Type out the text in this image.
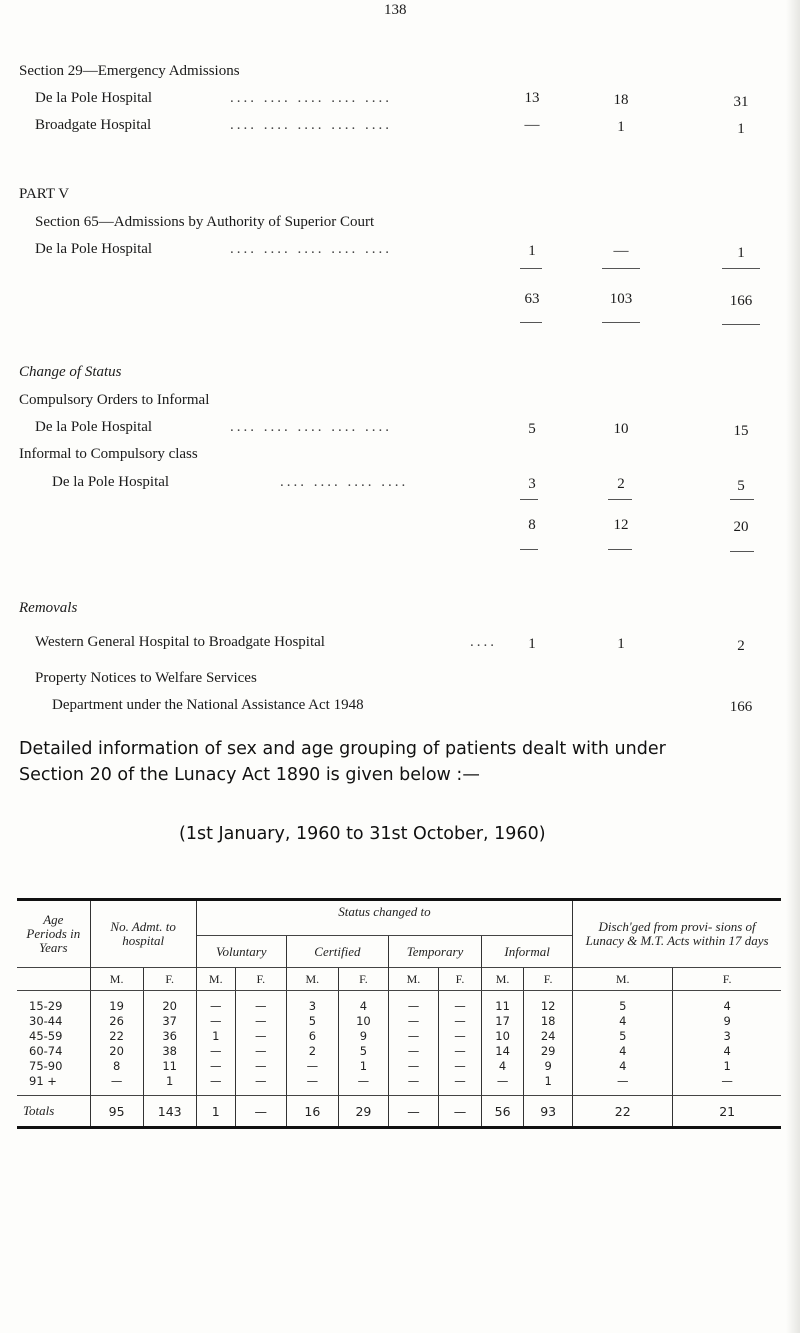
138
Section 29—Emergency Admissions
De la Pole Hospital	.... .... .... .... ....	13	18	31
Broadgate Hospital	.... .... .... .... ....	—	1	1
PART V
Section 65—Admissions by Authority of Superior Court
De la Pole Hospital	.... .... .... .... ....	1	—	1
63	103	166
Change of Status
Compulsory Orders to Informal
De la Pole Hospital	.... .... .... .... ....	5	10	15
Informal to Compulsory class
De la Pole Hospital	.... .... .... ....	3	2	5
8	12	20
Removals
Western General Hospital to Broadgate Hospital	....	1	1	2
Property Notices to Welfare Services
Department under the National Assistance Act 1948	166
Detailed information of sex and age grouping of patients dealt with under
Section 20 of the Lunacy Act 1890 is given below :—
(1st January, 1960 to 31st October, 1960)
Age Periods in Years	No. Admt. to hospital		Status changed to								Disch'ged from provi- sions of Lunacy & M.T. Acts within 17 days	
			Voluntary		Certified		Temporary		Informal			
	M.	F.	M.	F.	M.	F.	M.	F.	M.	F.	M.	F.
15-29	19	20	—	—	3	4	—	—	11	12	5	4
30-44	26	37	—	—	5	10	—	—	17	18	4	9
45-59	22	36	1	—	6	9	—	—	10	24	5	3
60-74	20	38	—	—	2	5	—	—	14	29	4	4
75-90	8	11	—	—	—	1	—	—	4	9	4	1
91 +	—	1	—	—	—	—	—	—	—	1	—	—
Totals	95	143	1	—	16	29	—	—	56	93	22	21
